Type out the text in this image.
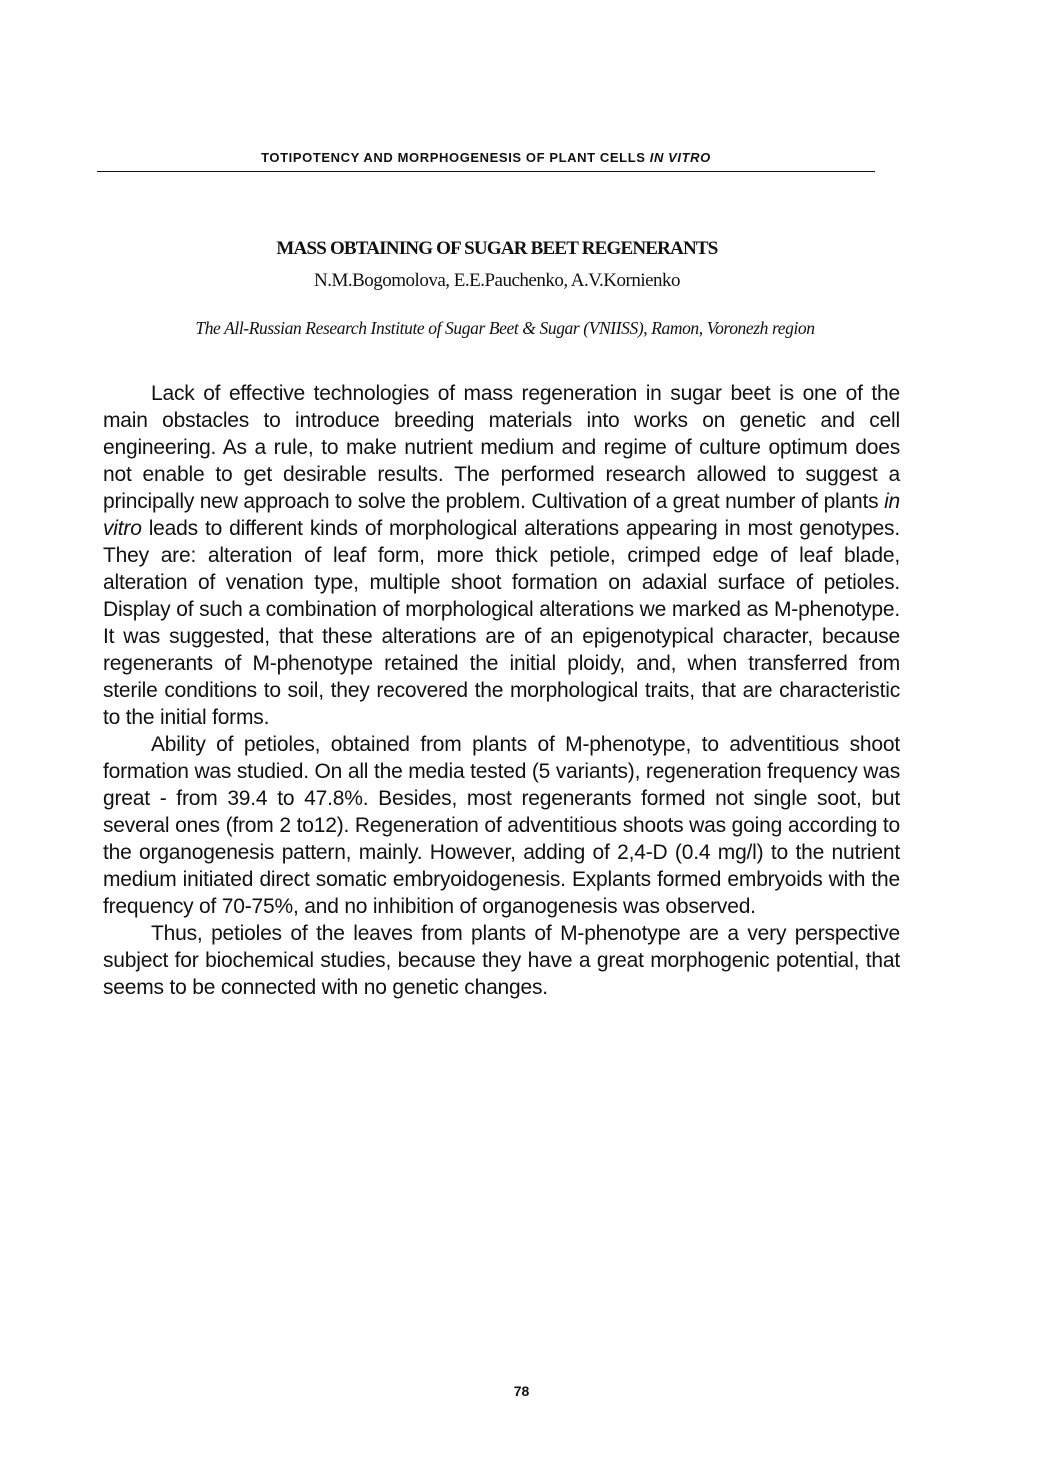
TOTIPOTENCY AND MORPHOGENESIS OF PLANT CELLS IN VITRO
MASS OBTAINING OF SUGAR BEET REGENERANTS
N.M.Bogomolova, E.E.Pauchenko, A.V.Kornienko
The All-Russian Research Institute of Sugar Beet & Sugar (VNIISS), Ramon, Voronezh region

Lack of effective technologies of mass regeneration in sugar beet is one of the main obstacles to introduce breeding materials into works on genetic and cell engineering. As a rule, to make nutrient medium and regime of culture optimum does not enable to get desirable results. The performed research allowed to suggest a principally new approach to solve the problem. Cultivation of a great number of plants in vitro leads to different kinds of morphological alterations appearing in most genotypes. They are: alteration of leaf form, more thick petiole, crimped edge of leaf blade, alteration of venation type, multiple shoot formation on adaxial surface of petioles. Display of such a combination of morphological alterations we marked as M-phenotype. It was suggested, that these alterations are of an epigenotypical character, because regenerants of M-phenotype retained the initial ploidy, and, when transferred from sterile conditions to soil, they recovered the morphological traits, that are characteristic to the initial forms.

Ability of petioles, obtained from plants of M-phenotype, to adventitious shoot formation was studied. On all the media tested (5 variants), regeneration frequency was great - from 39.4 to 47.8%. Besides, most regenerants formed not single soot, but several ones (from 2 to12). Regeneration of adventitious shoots was going according to the organogenesis pattern, mainly. However, adding of 2,4-D (0.4 mg/l) to the nutrient medium initiated direct somatic embryoidogenesis. Explants formed embryoids with the frequency of 70-75%, and no inhibition of organogenesis was observed.

Thus, petioles of the leaves from plants of M-phenotype are a very perspective subject for biochemical studies, because they have a great morphogenic potential, that seems to be connected with no genetic changes.

78
